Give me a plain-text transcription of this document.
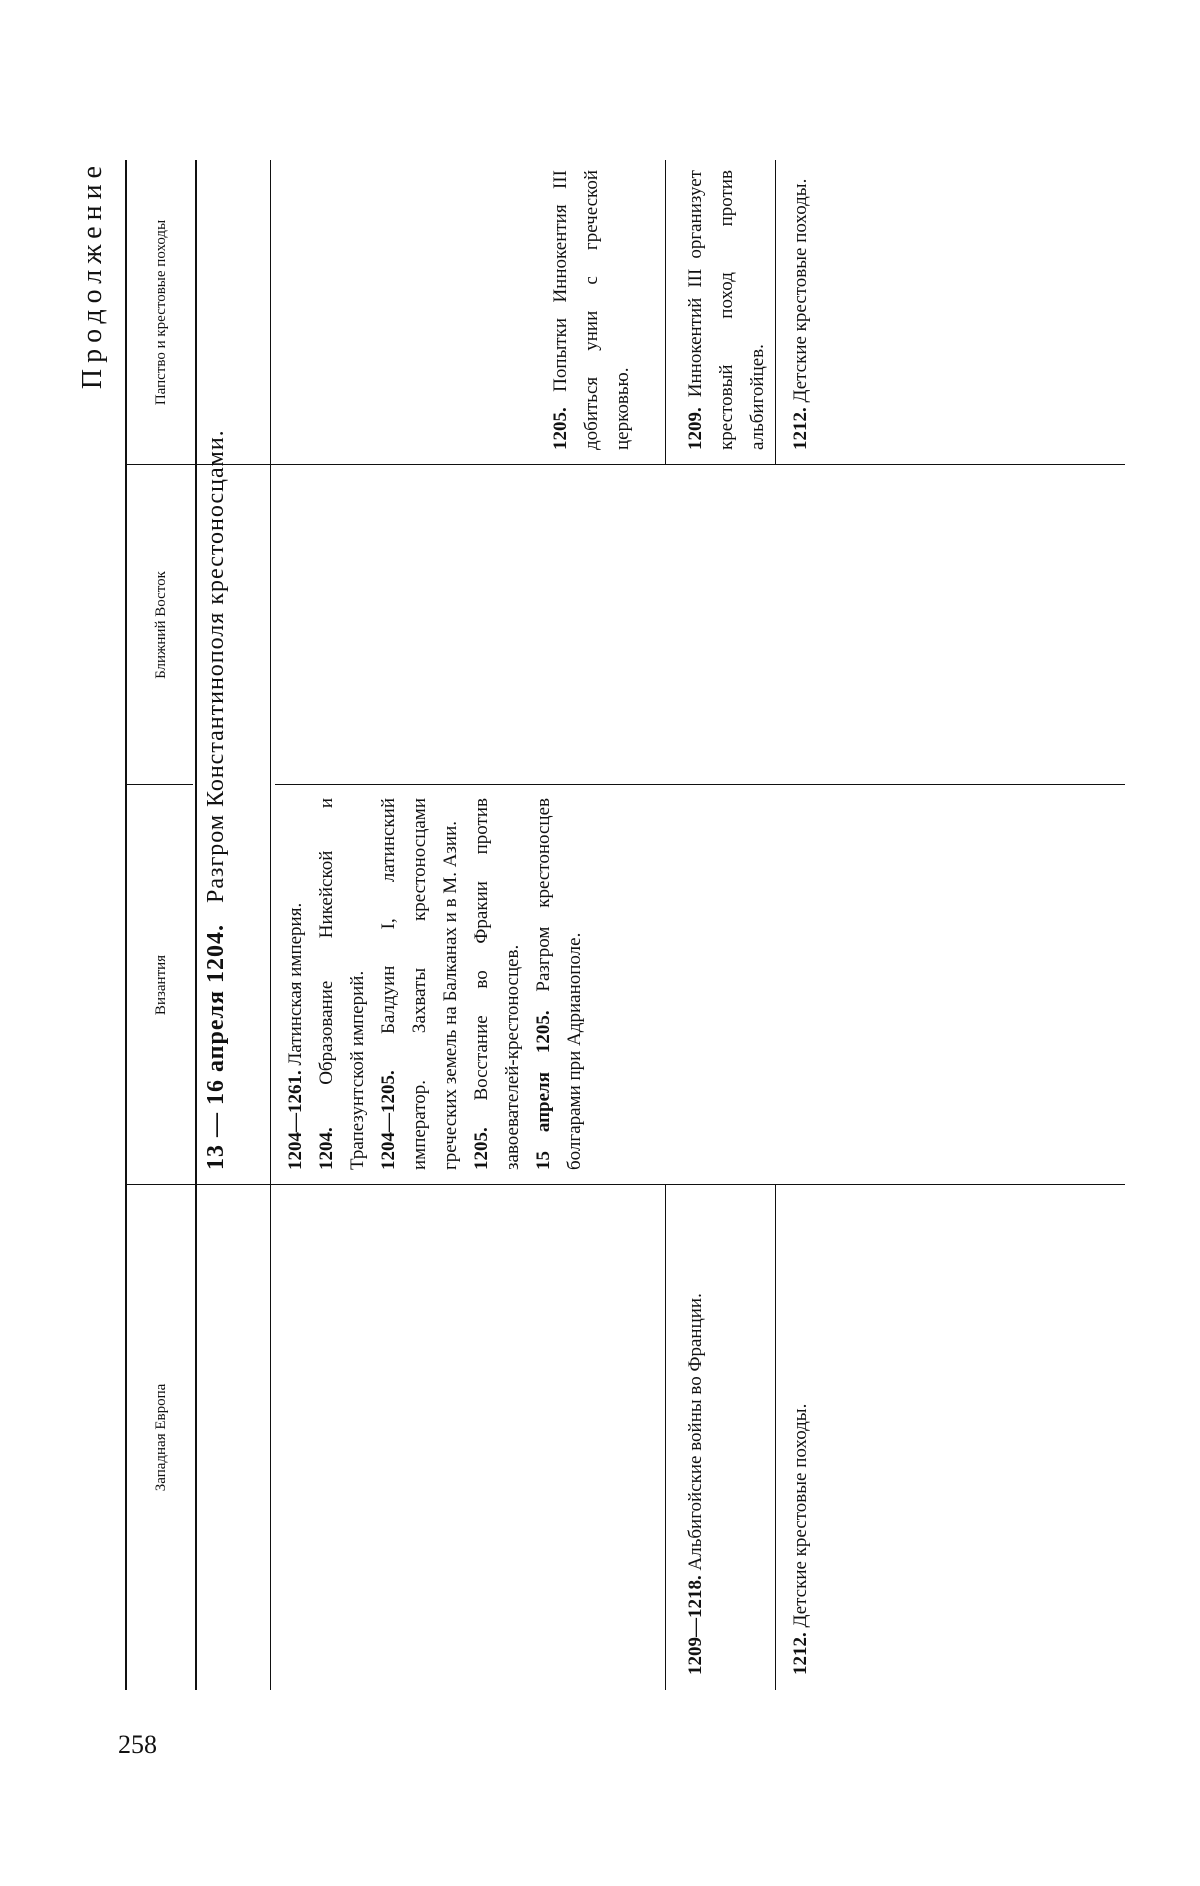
258
Продолжение
Западная Европа
Византия
Ближний Восток
Папство и крестовые походы
13 — 16 апреля 1204.   Разгром Константинополя крестоносцами.

1204—1261. Латинская империя.

1204. Образование Никейской и Трапезунтской империй. 1204—1205. Балдуин I, латинский император. Захваты крестоносцами греческих земель на Балканах и в М. Азии. 1205. Восстание во Фракии против завоевателей-крестоносцев. 15 апреля 1205. Разгром крестоносцев болгарами при Адрианополе.

1205. Попытки Иннокентия III добиться унии с греческой церковью.	1209. Иннокентий III организует крестовый поход против альбигойцев. 1212. Детские крестовые походы.

1209—1218. Альбигойские войны во Франции.

1212. Детские крестовые походы.
